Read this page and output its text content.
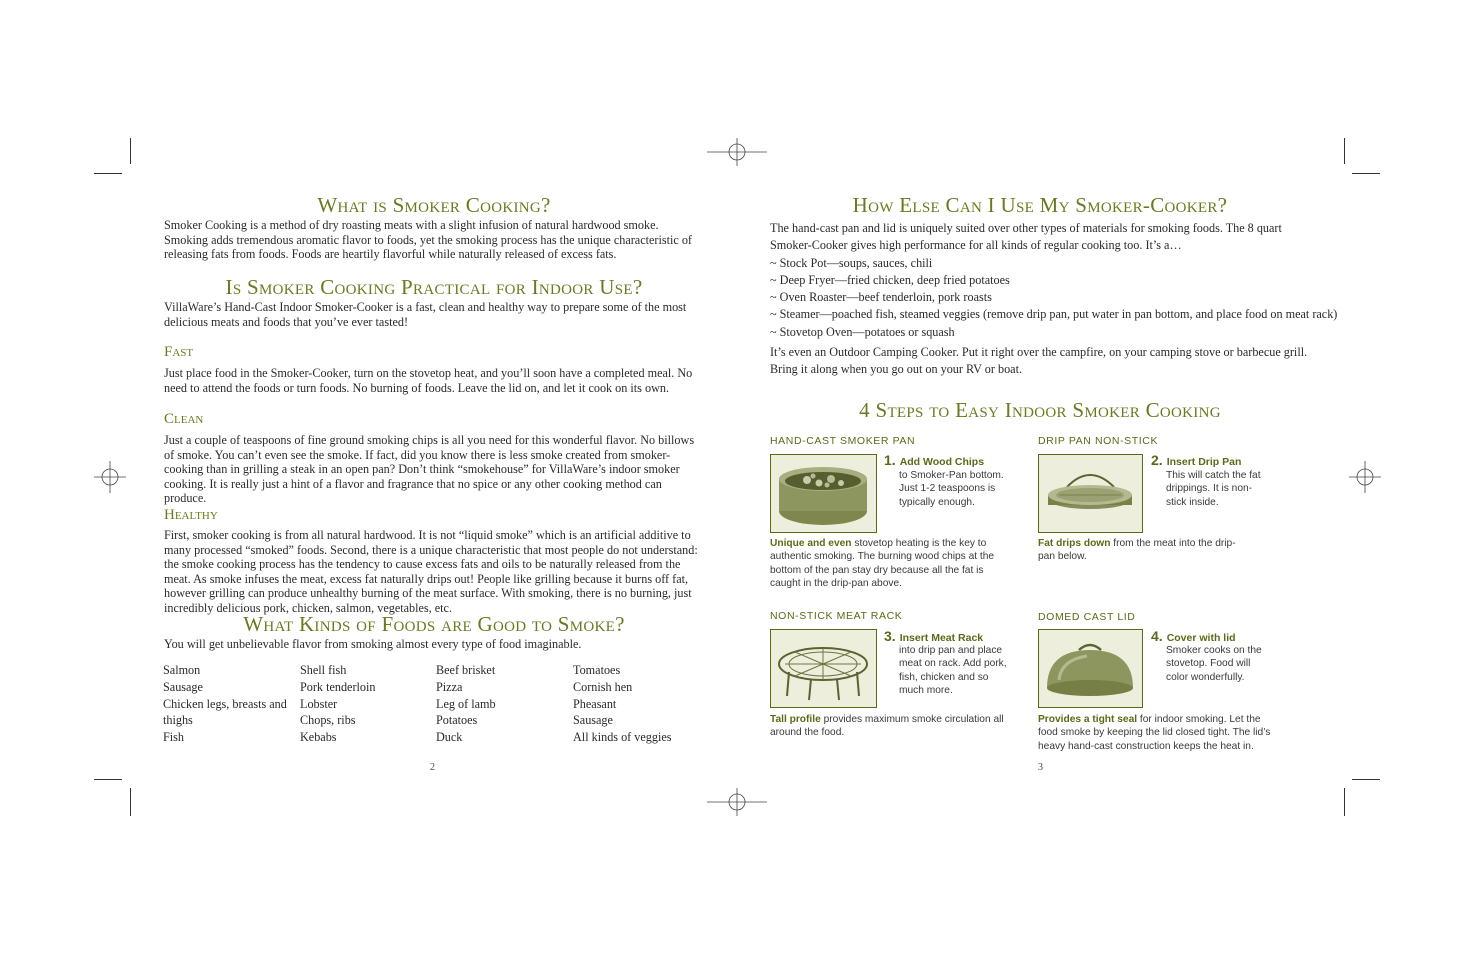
What is Smoker Cooking?
Smoker Cooking is a method of dry roasting meats with a slight infusion of natural hardwood smoke. Smoking adds tremendous aromatic flavor to foods, yet the smoking process has the unique characteristic of releasing fats from foods. Foods are heartily flavorful while naturally released of excess fats.
Is Smoker Cooking Practical for Indoor Use?
VillaWare’s Hand-Cast Indoor Smoker-Cooker is a fast, clean and healthy way to prepare some of the most delicious meats and foods that you’ve ever tasted!
Fast
Just place food in the Smoker-Cooker, turn on the stovetop heat, and you’ll soon have a completed meal. No need to attend the foods or turn foods. No burning of foods. Leave the lid on, and let it cook on its own.
Clean
Just a couple of teaspoons of fine ground smoking chips is all you need for this wonderful flavor. No billows of smoke. You can’t even see the smoke. If fact, did you know there is less smoke created from smoker-cooking than in grilling a steak in an open pan? Don’t think “smokehouse” for VillaWare’s indoor smoker cooking. It is really just a hint of a flavor and fragrance that no spice or any other cooking method can produce.
Healthy
First, smoker cooking is from all natural hardwood. It is not “liquid smoke” which is an artificial additive to many processed “smoked” foods. Second, there is a unique characteristic that most people do not understand: the smoke cooking process has the tendency to cause excess fats and oils to be naturally released from the meat. As smoke infuses the meat, excess fat naturally drips out! People like grilling because it burns off fat, however grilling can produce unhealthy burning of the meat surface. With smoking, there is no burning, just incredibly delicious pork, chicken, salmon, vegetables, etc.
What Kinds of Foods are Good to Smoke?
You will get unbelievable flavor from smoking almost every type of food imaginable.
Salmon
Sausage
Chicken legs, breasts and
thighs
Fish
Shell fish
Pork tenderloin
Lobster
Chops, ribs
Kebabs
Beef brisket
Pizza
Leg of lamb
Potatoes
Duck
Tomatoes
Cornish hen
Pheasant
Sausage
All kinds of veggies
2
How Else Can I Use My Smoker-Cooker?
The hand-cast pan and lid is uniquely suited over other types of materials for smoking foods. The 8 quart
Smoker-Cooker gives high performance for all kinds of regular cooking too. It’s a…
~ Stock Pot—soups, sauces, chili
~ Deep Fryer—fried chicken, deep fried potatoes
~ Oven Roaster—beef tenderloin, pork roasts
~ Steamer—poached fish, steamed veggies (remove drip pan, put water in pan bottom, and place food on meat rack)
~ Stovetop Oven—potatoes or squash
It’s even an Outdoor Camping Cooker. Put it right over the campfire, on your camping stove or barbecue grill.
Bring it along when you go out on your RV or boat.
4 Steps to Easy Indoor Smoker Cooking
HAND-CAST SMOKER PAN
1. Add Wood Chips
to Smoker-Pan bottom. Just 1-2 teaspoons is typically enough.
Unique and even stovetop heating is the key to authentic smoking. The burning wood chips at the bottom of the pan stay dry because all the fat is caught in the drip-pan above.
DRIP PAN NON-STICK
2. Insert Drip Pan
This will catch the fat drippings. It is non-stick inside.
Fat drips down from the meat into the drip-pan below.
NON-STICK MEAT RACK
3. Insert Meat Rack
into drip pan and place meat on rack. Add pork, fish, chicken and so much more.
Tall profile provides maximum smoke circulation all around the food.
DOMED CAST LID
4. Cover with lid
Smoker cooks on the stovetop. Food will color wonderfully.
Provides a tight seal for indoor smoking. Let the food smoke by keeping the lid closed tight. The lid’s heavy hand-cast construction keeps the heat in.
3
